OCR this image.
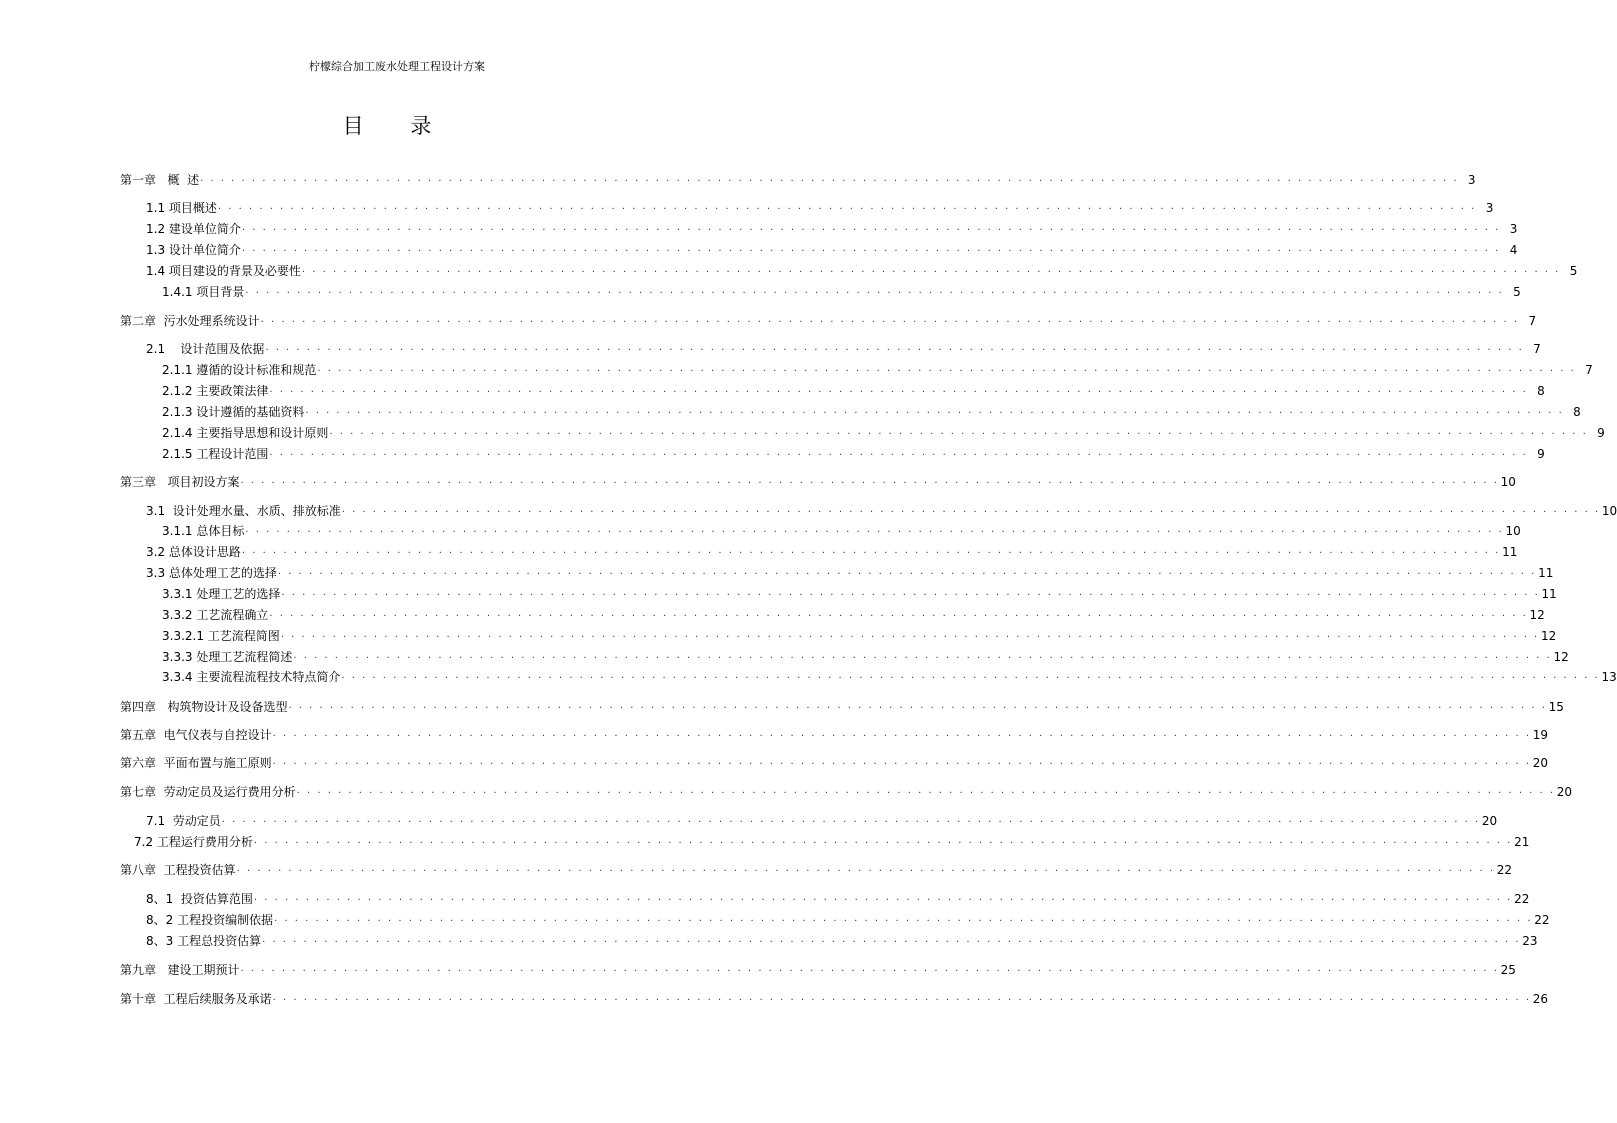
柠檬综合加工废水处理工程设计方案
目 录
第一章   概  述 . . .	3
1.1 项目概述 . . .	3
1.2 建设单位简介 . . .	3
1.3 设计单位简介 . . .	4
1.4 项目建设的背景及必要性 . . .	5
1.4.1 项目背景 . . .	5
第二章  污水处理系统设计 . . .	7
2.1    设计范围及依据 . . .	7
2.1.1 遵循的设计标准和规范 . . .	7
2.1.2 主要政策法律 . . .	8
2.1.3 设计遵循的基础资料 . . .	8
2.1.4 主要指导思想和设计原则 . . .	9
2.1.5 工程设计范围 . . .	9
第三章   项目初设方案 . . .	10
3.1  设计处理水量、水质、排放标准 . . .	10
3.1.1 总体目标 . . .	10
3.2 总体设计思路 . . .	11
3.3 总体处理工艺的选择 . . .	11
3.3.1 处理工艺的选择 . . .	11
3.3.2 工艺流程确立 . . .	12
3.3.2.1 工艺流程简图 . . .	12
3.3.3 处理工艺流程简述 . . .	12
3.3.4 主要流程流程技术特点简介 . . .	13
第四章   构筑物设计及设备选型 . . .	15
第五章  电气仪表与自控设计 . . .	19
第六章  平面布置与施工原则 . . .	20
第七章  劳动定员及运行费用分析 . . .	20
7.1  劳动定员 . . .	20
7.2 工程运行费用分析 . . .	21
第八章  工程投资估算 . . .	22
8、1  投资估算范围 . . .	22
8、2 工程投资编制依据 . . .	22
8、3 工程总投资估算 . . .	23
第九章   建设工期预计 . . .	25
第十章  工程后续服务及承诺 . . .	26
